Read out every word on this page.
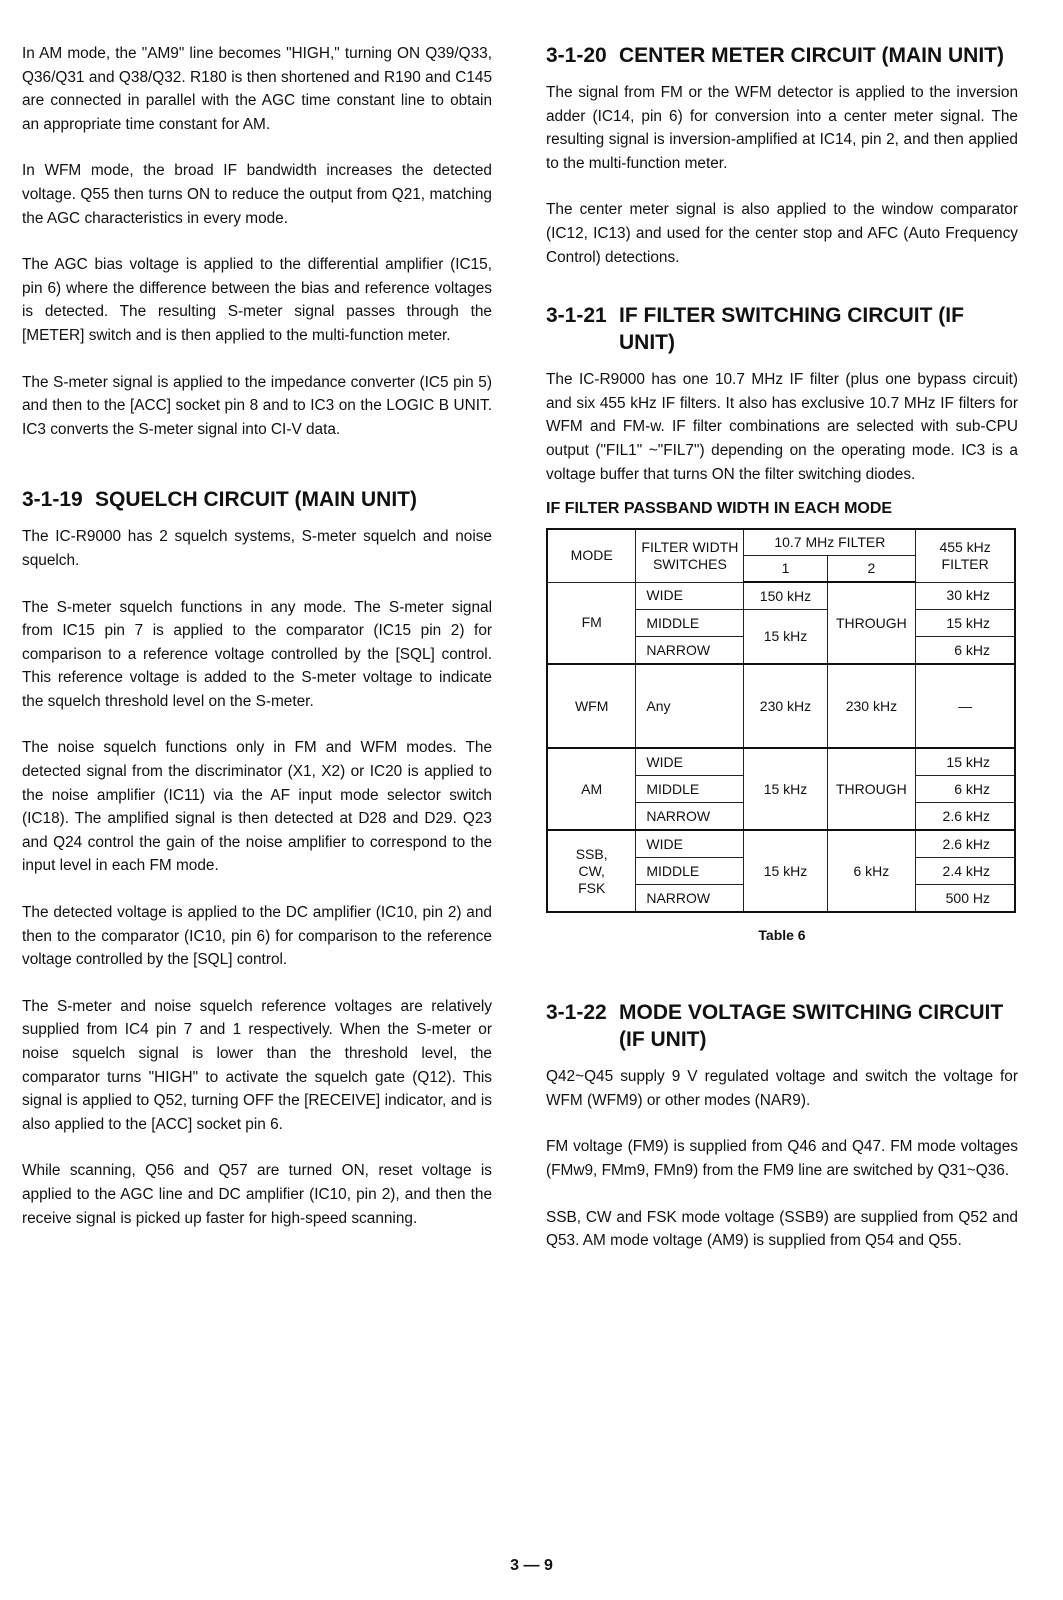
In AM mode, the "AM9" line becomes "HIGH," turning ON Q39/Q33, Q36/Q31 and Q38/Q32. R180 is then shortened and R190 and C145 are connected in parallel with the AGC time constant line to obtain an appropriate time constant for AM.

In WFM mode, the broad IF bandwidth increases the detected voltage. Q55 then turns ON to reduce the output from Q21, matching the AGC characteristics in every mode.

The AGC bias voltage is applied to the differential amplifier (IC15, pin 6) where the difference between the bias and reference voltages is detected. The resulting S-meter signal passes through the [METER] switch and is then applied to the multi-function meter.

The S-meter signal is applied to the impedance converter (IC5 pin 5) and then to the [ACC] socket pin 8 and to IC3 on the LOGIC B UNIT. IC3 converts the S-meter signal into CI-V data.

3-1-19 SQUELCH CIRCUIT (MAIN UNIT)

The IC-R9000 has 2 squelch systems, S-meter squelch and noise squelch.

The S-meter squelch functions in any mode. The S-meter signal from IC15 pin 7 is applied to the comparator (IC15 pin 2) for comparison to a reference voltage controlled by the [SQL] control. This reference voltage is added to the S-meter voltage to indicate the squelch threshold level on the S-meter.

The noise squelch functions only in FM and WFM modes. The detected signal from the discriminator (X1, X2) or IC20 is applied to the noise amplifier (IC11) via the AF input mode selector switch (IC18). The amplified signal is then detected at D28 and D29. Q23 and Q24 control the gain of the noise amplifier to correspond to the input level in each FM mode.

The detected voltage is applied to the DC amplifier (IC10, pin 2) and then to the comparator (IC10, pin 6) for comparison to the reference voltage controlled by the [SQL] control.

The S-meter and noise squelch reference voltages are relatively supplied from IC4 pin 7 and 1 respectively. When the S-meter or noise squelch signal is lower than the threshold level, the comparator turns "HIGH" to activate the squelch gate (Q12). This signal is applied to Q52, turning OFF the [RECEIVE] indicator, and is also applied to the [ACC] socket pin 6.

While scanning, Q56 and Q57 are turned ON, reset voltage is applied to the AGC line and DC amplifier (IC10, pin 2), and then the receive signal is picked up faster for high-speed scanning.

3-1-20 CENTER METER CIRCUIT (MAIN UNIT)

The signal from FM or the WFM detector is applied to the inversion adder (IC14, pin 6) for conversion into a center meter signal. The resulting signal is inversion-amplified at IC14, pin 2, and then applied to the multi-function meter.

The center meter signal is also applied to the window comparator (IC12, IC13) and used for the center stop and AFC (Auto Frequency Control) detections.

3-1-21 IF FILTER SWITCHING CIRCUIT (IF UNIT)

The IC-R9000 has one 10.7 MHz IF filter (plus one bypass circuit) and six 455 kHz IF filters. It also has exclusive 10.7 MHz IF filters for WFM and FM-w. IF filter combinations are selected with sub-CPU output ("FIL1" ~"FIL7") depending on the operating mode. IC3 is a voltage buffer that turns ON the filter switching diodes.

IF FILTER PASSBAND WIDTH IN EACH MODE
MODE	FILTER WIDTH SWITCHES	10.7 MHz FILTER		455 kHz FILTER
		1	2	
FM	WIDE	150 kHz	THROUGH	30 kHz
	MIDDLE	15 kHz		15 kHz
	NARROW			6 kHz
WFM	Any	230 kHz	230 kHz	—
AM	WIDE	15 kHz	THROUGH	15 kHz
	MIDDLE			6 kHz
	NARROW			2.6 kHz
SSB, CW, FSK	WIDE	15 kHz	6 kHz	2.6 kHz
	MIDDLE			2.4 kHz
	NARROW			500 Hz
Table 6
3-1-22 MODE VOLTAGE SWITCHING CIRCUIT (IF UNIT)

Q42~Q45 supply 9 V regulated voltage and switch the voltage for WFM (WFM9) or other modes (NAR9).

FM voltage (FM9) is supplied from Q46 and Q47. FM mode voltages (FMw9, FMm9, FMn9) from the FM9 line are switched by Q31~Q36.

SSB, CW and FSK mode voltage (SSB9) are supplied from Q52 and Q53. AM mode voltage (AM9) is supplied from Q54 and Q55.

3 — 9
